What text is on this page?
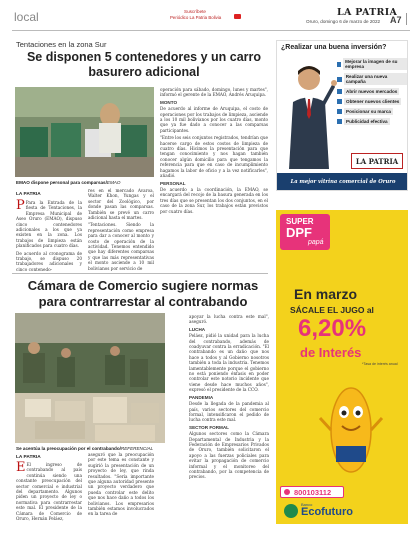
local	Suscríbete
Periódico La Patria Bolivia	LA PATRIA
Oruro, domingo 6 de marzo de 2022 A7
Tentaciones en la zona Sur
Se disponen 5 contenedores y un carro basurero adicional
EMAO dispone personal para comparsas/EMAO
LA PATRIA

P Para la Entrada de la fiesta de Tentaciones, la Empresa Municipal de Aseo Oruro (EMAO), dispuso cinco contenedores adicionales a los que ya existen en la zona. Los trabajos de limpieza están planificados para cuatro días.

De acuerdo al cronograma de trabajo, se dispuso 20 trabajadores adicionales y cinco contenedo-

res en el mercado Avaroa, Walter Khon, Yungas y el sector del Zoológico, por donde pasan las comparsas. También se prevé un carro adicional hasta el martes.

"Tentaciones. Siendo la representación como empresa para dar a conocer al monto y costo de operación de la actividad. Tenemos entendido que hay diferentes comparsas y que las más representativas el monto asciende a 10 mil bolivianos por servicio de

operación para sábado, domingo, lunes y martes", informó el gerente de la EMAO, Andrés Aruquipa.

MONTO

De acuerdo al informe de Aruquipa, el costo de operaciones por los trabajos de limpieza, asciende a los 10 mil bolivianos por los cuatro días, monto que ya fue dado a conocer a las comparsas participantes.

"Entre los seis conjuntos registrados, tendrían que hacerse cargo de estos costos de limpieza de cuatro días. Hicimos la presentación para que tengan conocimiento y nos hagan también conocer algún domicilio para que tengamos la referencia para que en caso de incumplimiento hagamos la labor de oficio y a la vez notificarles", añadió.

PERSONAL

De acuerdo a la coordinación, la EMAO, se encargará del recojo de la basura generada en los tres días que se presentan los dos conjuntos, en el caso de la zona Sur, los trabajos están previstos por cuatro días.

¿Realizar una buena inversión?
Mejorar la imagen de su empresa
Realizar una nueva campaña
Abrir nuevos mercados
Obtener nuevos clientes
Posicionar su marca
Publicidad efectiva
LA PATRIA
La mejor vitrina comercial de Oruro
Cámara de Comercio sugiere normas para contrarrestar al contrabando
Se acentúa la preocupación por el contrabando/REFERENCIAL
LA PATRIA

E El ingreso de contrabando al país continúa siendo una constante preocupación del sector comercial e industrial del departamento. Algunos piden un proyecto de ley o normativa para contrarrestar este mal. El presidente de la Cámara de Comercio de Oruro, Hernán Peláez,

aseguró que la preocupación por este tema es constante y sugirió la presentación de un proyecto de ley, que rinda resultados. "Sería importante que alguna autoridad presente un proyecto verdadero que pueda controlar este delito que nos hace daño a todos los bolivianos. Los empresarios también estamos involucrados en la tarea de

apoyar la lucha contra este mal", aseguró.

LUCHA

Peláez, pidió la unidad para la lucha del contrabando, además de coadyuvar contra la erradicación. "El contrabando es un daño que nos hace a todos y al Gobierno nosotros también a toda la industria. Tenemos lamentablemente porque el gobierno no está poniendo énfasis en poder controlar este notorio incidente que viene desde hace muchos años", expresó el presidente de la CCO.

PANDEMIA

Desde la llegada de la pandemia al país, varios sectores del comercio formal, intensificaron el pedido de lucha contra este mal.

SECTOR FORMAL

Algunos sectores como la Cámara Departamental de Industria y la Federación de Empresarios Privados de Oruro, también solicitaron el apoyo a las fuerzas policiales para evitar la propagación de comercio informal y el monitoreo del contrabando, por la competencia de precios.

SUPER
DPF
papá
En marzo
SÁCALE EL JUGO al
6,20%
de Interés
*Tasa de interés anual
800103112
Banco
Ecofuturo
